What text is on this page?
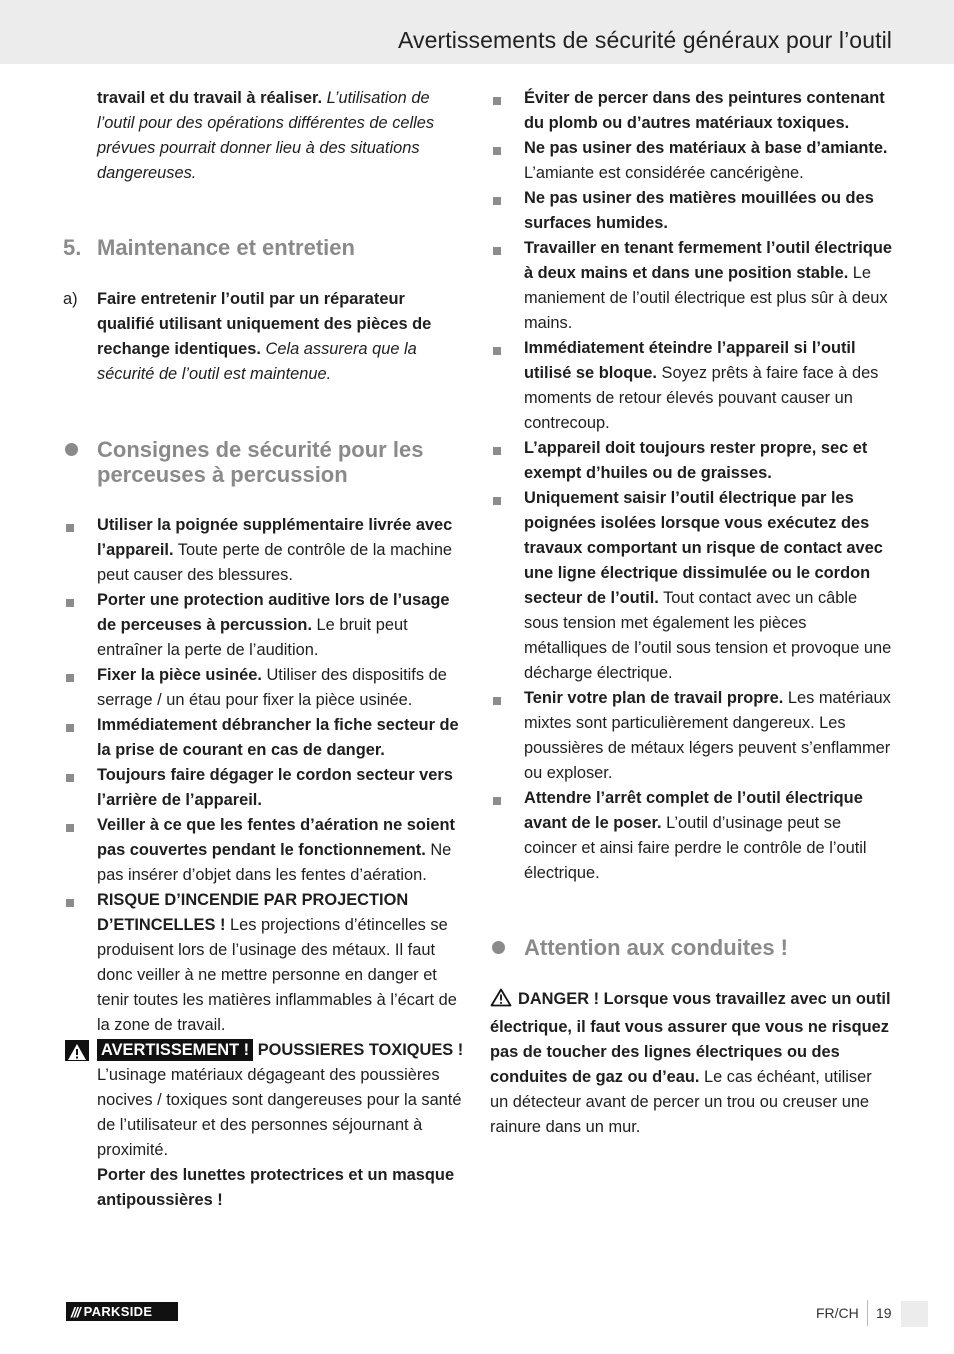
Avertissements de sécurité généraux pour l’outil

travail et du travail à réaliser. L’utilisation de l’outil pour des opérations différentes de celles prévues pourrait donner lieu à des situations dangereuses.

5. Maintenance et entretien

a) Faire entretenir l’outil par un réparateur qualifié utilisant uniquement des pièces de rechange identiques. Cela assurera que la sécurité de l’outil est maintenue.

Consignes de sécurité pour les perceuses à percussion

Utiliser la poignée supplémentaire livrée avec l’appareil. Toute perte de contrôle de la machine peut causer des blessures.

Porter une protection auditive lors de l’usage de perceuses à percussion. Le bruit peut entraîner la perte de l’audition.

Fixer la pièce usinée. Utiliser des dispositifs de serrage / un étau pour fixer la pièce usinée.

Immédiatement débrancher la fiche secteur de la prise de courant en cas de danger.

Toujours faire dégager le cordon secteur vers l’arrière de l’appareil.

Veiller à ce que les fentes d’aération ne soient pas couvertes pendant le fonctionnement. Ne pas insérer d’objet dans les fentes d’aération.

RISQUE D’INCENDIE PAR PROJECTION D’ETINCELLES ! Les projections d’étincelles se produisent lors de l’usinage des métaux. Il faut donc veiller à ne mettre personne en danger et tenir toutes les matières inflammables à l’écart de la zone de travail.

AVERTISSEMENT ! POUSSIERES TOXIQUES ! L’usinage matériaux dégageant des poussières nocives / toxiques sont dangereuses pour la santé de l’utilisateur et des personnes séjournant à proximité.
Porter des lunettes protectrices et un masque antipoussières !

Éviter de percer dans des peintures contenant du plomb ou d’autres matériaux toxiques.

Ne pas usiner des matériaux à base d’amiante. L’amiante est considérée cancérigène.

Ne pas usiner des matières mouillées ou des surfaces humides.

Travailler en tenant fermement l’outil électrique à deux mains et dans une position stable. Le maniement de l’outil électrique est plus sûr à deux mains.

Immédiatement éteindre l’appareil si l’outil utilisé se bloque. Soyez prêts à faire face à des moments de retour élevés pouvant causer un contrecoup.

L’appareil doit toujours rester propre, sec et exempt d’huiles ou de graisses.

Uniquement saisir l’outil électrique par les poignées isolées lorsque vous exécutez des travaux comportant un risque de contact avec une ligne électrique dissimulée ou le cordon secteur de l’outil. Tout contact avec un câble sous tension met également les pièces métalliques de l’outil sous tension et provoque une décharge électrique.

Tenir votre plan de travail propre. Les matériaux mixtes sont particulièrement dangereux. Les poussières de métaux légers peuvent s’enflammer ou exploser.

Attendre l’arrêt complet de l’outil électrique avant de le poser. L’outil d’usinage peut se coincer et ainsi faire perdre le contrôle de l’outil électrique.

Attention aux conduites !

DANGER ! Lorsque vous travaillez avec un outil électrique, il faut vous assurer que vous ne risquez pas de toucher des lignes électriques ou des conduites de gaz ou d’eau. Le cas échéant, utiliser un détecteur avant de percer un trou ou creuser une rainure dans un mur.

/// PARKSIDE	FR/CH 19
